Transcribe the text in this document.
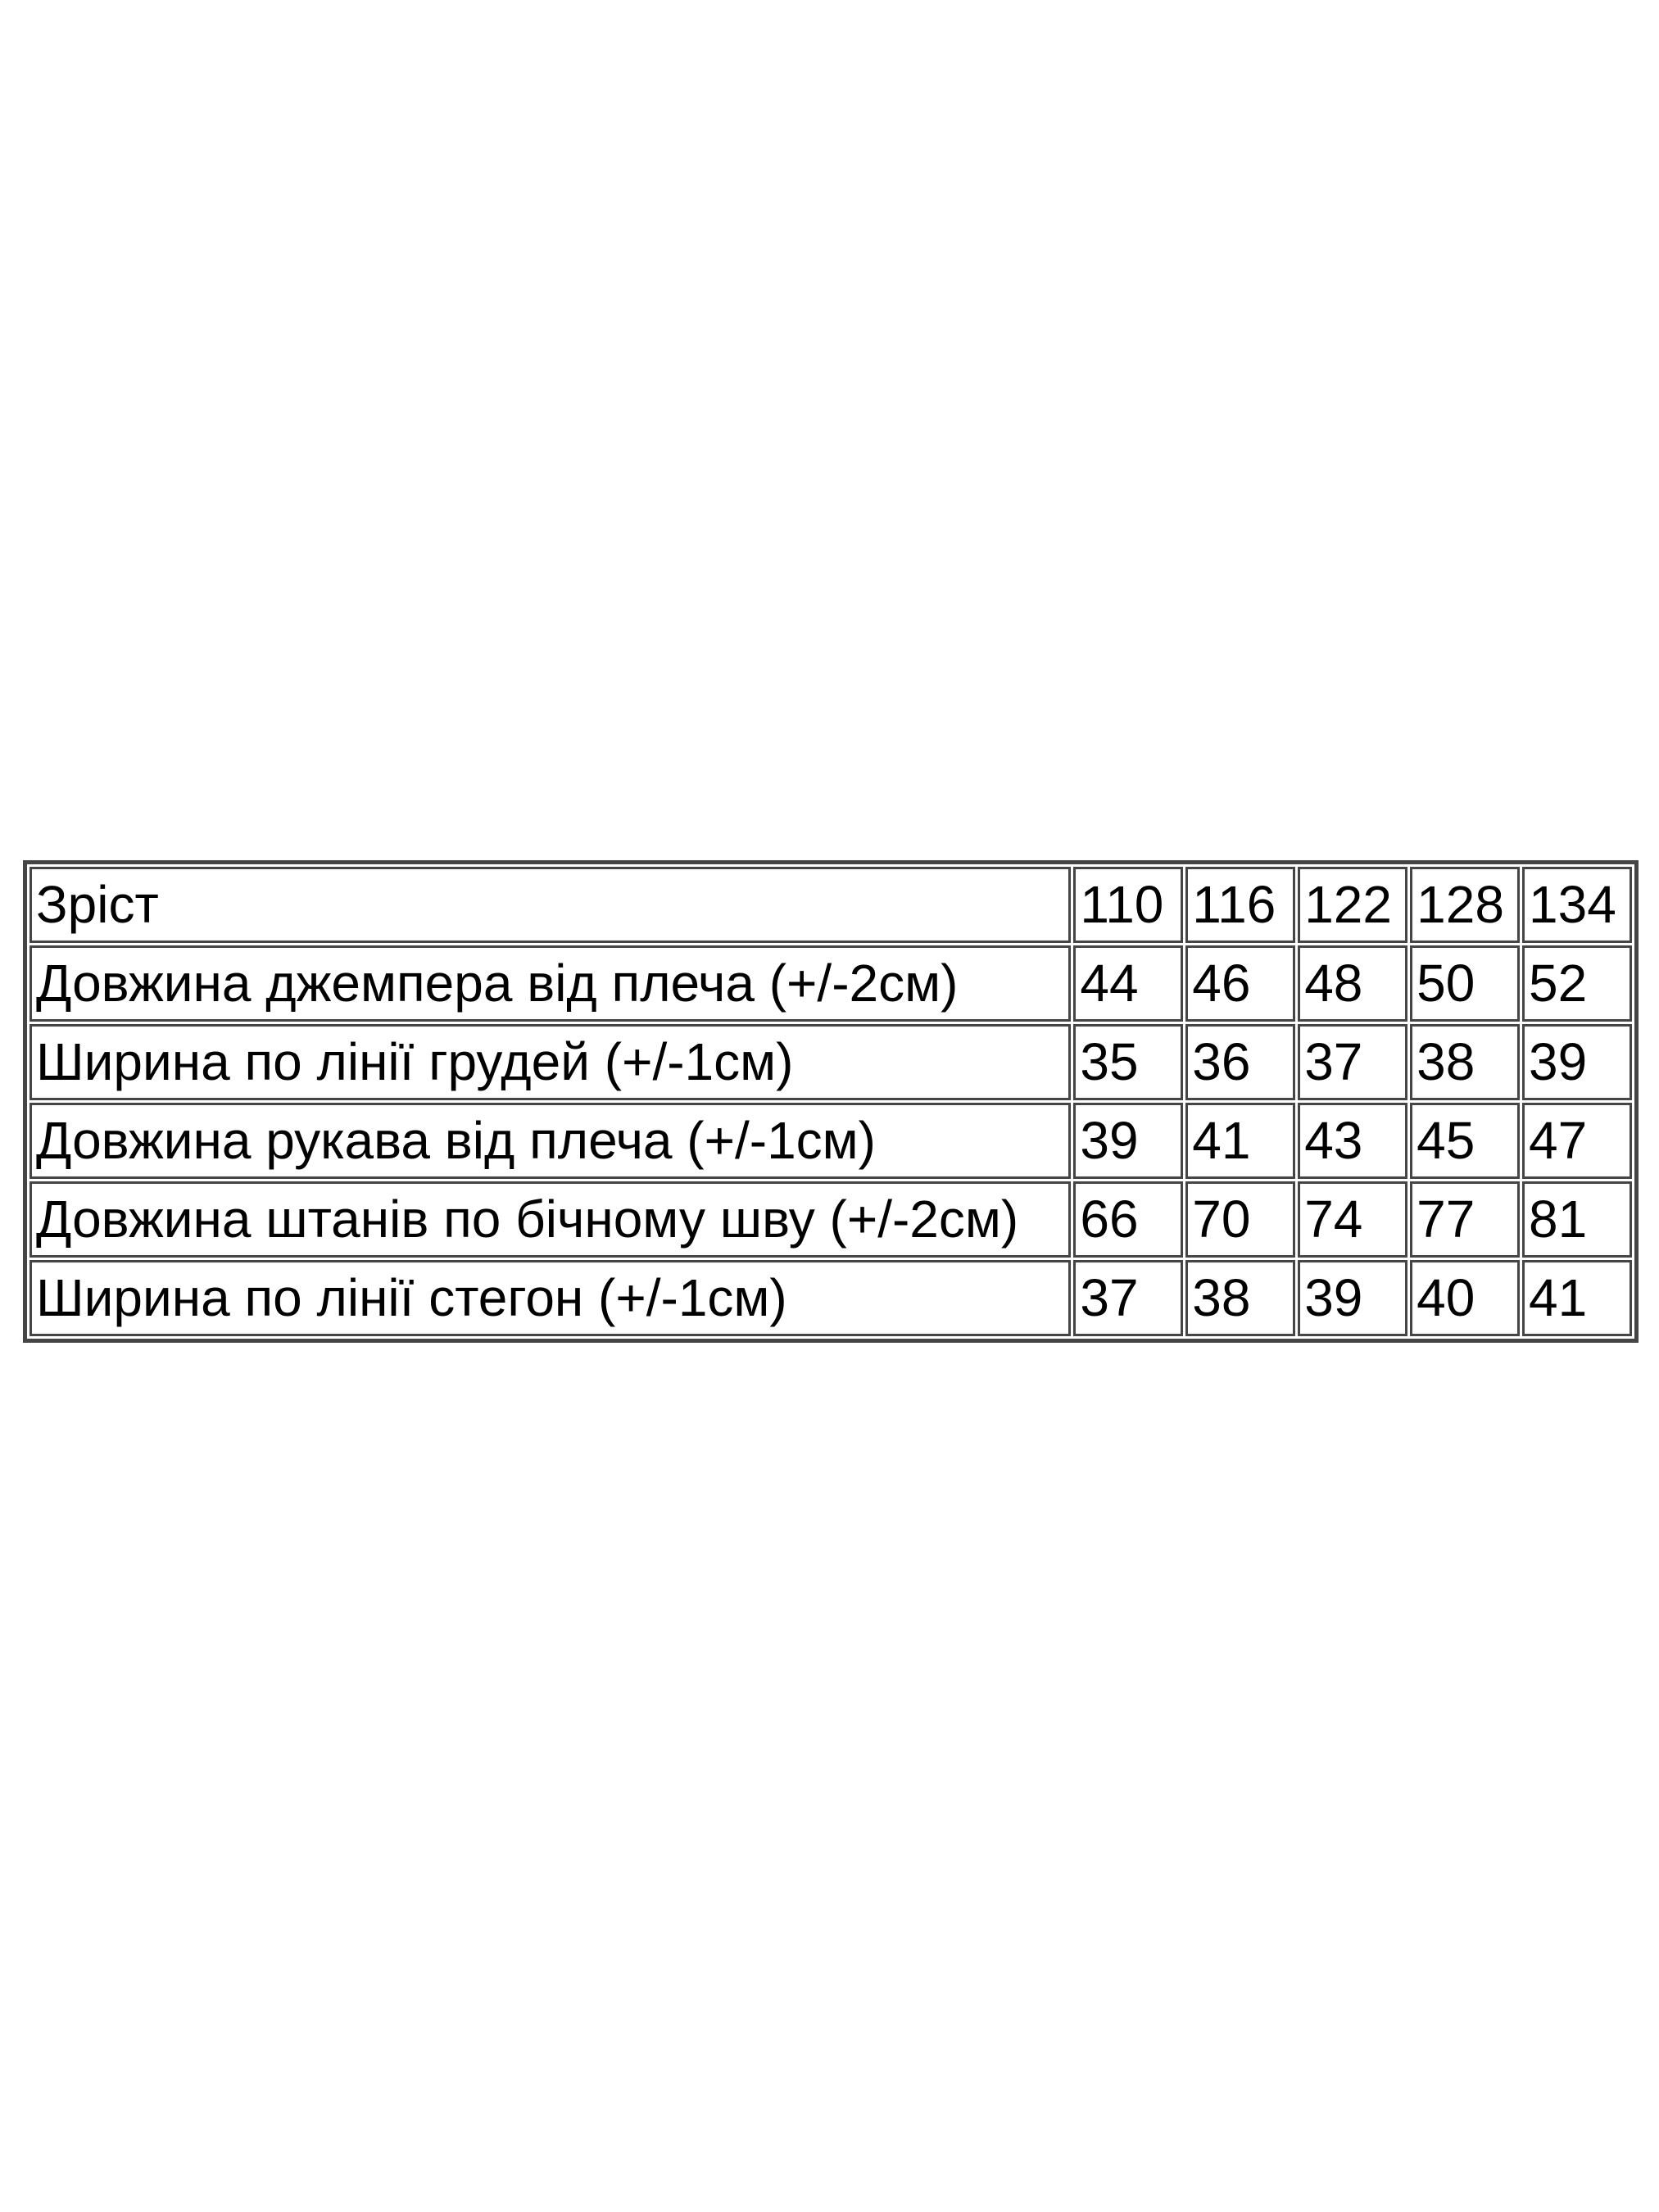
Зріст	110	116	122	128	134
Довжина джемпера від плеча (+/-2см)	44	46	48	50	52
Ширина по лінії грудей (+/-1см)	35	36	37	38	39
Довжина рукава від плеча (+/-1см)	39	41	43	45	47
Довжина штанів по бічному шву (+/-2см)	66	70	74	77	81
Ширина по лінії стегон (+/-1см)	37	38	39	40	41
